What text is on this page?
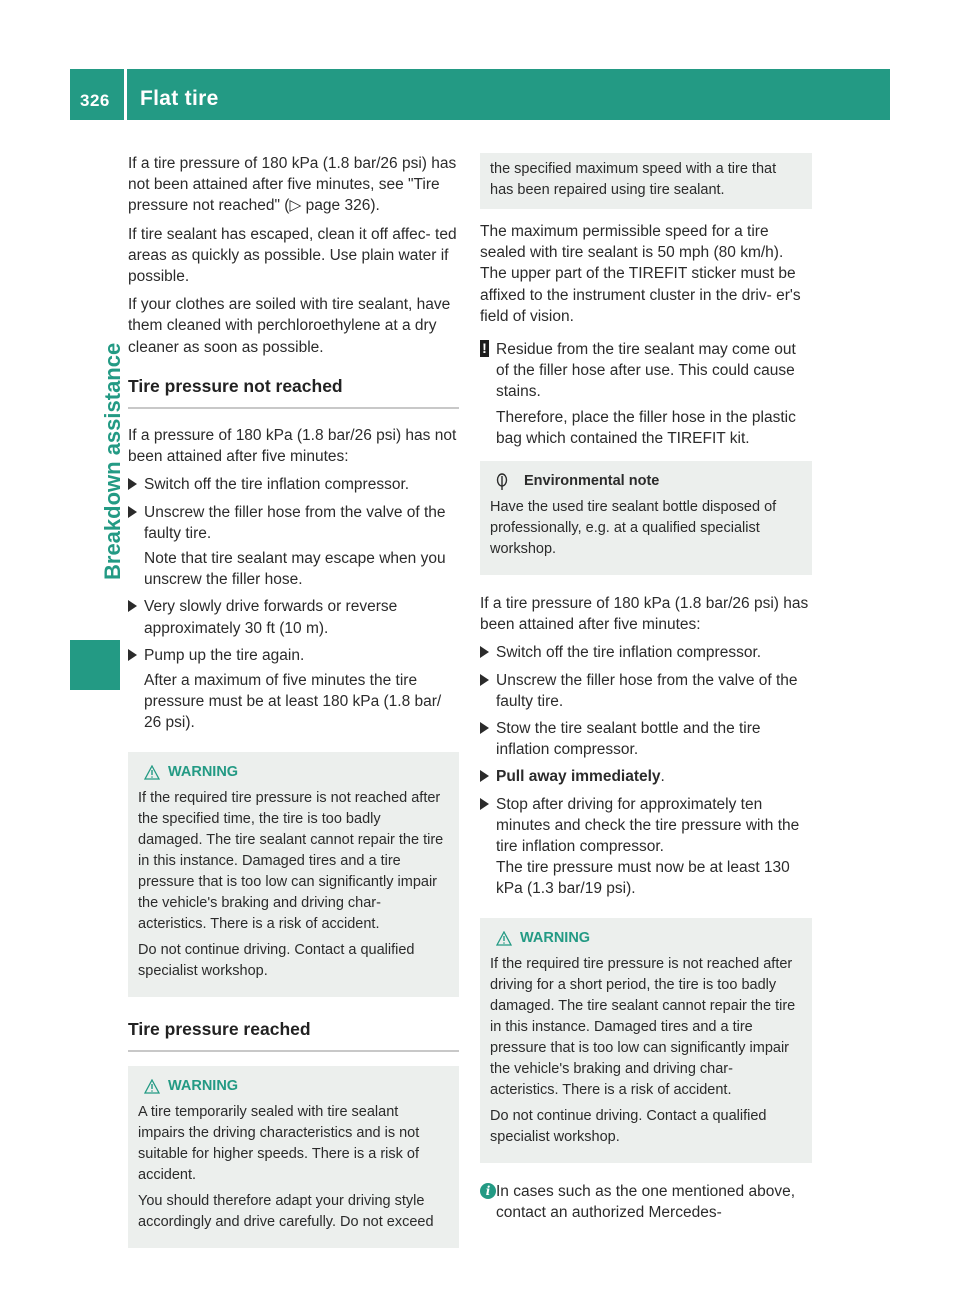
326 Flat tire
Breakdown assistance

If a tire pressure of 180 kPa (1.8 bar/26 psi) has not been attained after five minutes, see "Tire pressure not reached" (▷ page 326).

If tire sealant has escaped, clean it off affec- ted areas as quickly as possible. Use plain water if possible.

If your clothes are soiled with tire sealant, have them cleaned with perchloroethylene at a dry cleaner as soon as possible.

Tire pressure not reached

If a pressure of 180 kPa (1.8 bar/26 psi) has not been attained after five minutes:

Switch off the tire inflation compressor.
Unscrew the filler hose from the valve of the faulty tire.
Note that tire sealant may escape when you unscrew the filler hose.
Very slowly drive forwards or reverse approximately 30 ft (10 m).
Pump up the tire again.
After a maximum of five minutes the tire pressure must be at least 180 kPa (1.8 bar/ 26 psi).
WARNING

If the required tire pressure is not reached after the specified time, the tire is too badly damaged. The tire sealant cannot repair the tire in this instance. Damaged tires and a tire pressure that is too low can significantly impair the vehicle's braking and driving char- acteristics. There is a risk of accident.

Do not continue driving. Contact a qualified specialist workshop.

Tire pressure reached
WARNING

A tire temporarily sealed with tire sealant impairs the driving characteristics and is not suitable for higher speeds. There is a risk of accident.

You should therefore adapt your driving style accordingly and drive carefully. Do not exceed

the specified maximum speed with a tire that has been repaired using tire sealant.

The maximum permissible speed for a tire sealed with tire sealant is 50 mph (80 km/h). The upper part of the TIREFIT sticker must be affixed to the instrument cluster in the driv- er's field of vision.

! Residue from the tire sealant may come out of the filler hose after use. This could cause stains.
Therefore, place the filler hose in the plastic bag which contained the TIREFIT kit.
Environmental note

Have the used tire sealant bottle disposed of professionally, e.g. at a qualified specialist workshop.

If a tire pressure of 180 kPa (1.8 bar/26 psi) has been attained after five minutes:

Switch off the tire inflation compressor.
Unscrew the filler hose from the valve of the faulty tire.
Stow the tire sealant bottle and the tire inflation compressor.
Pull away immediately.
Stop after driving for approximately ten minutes and check the tire pressure with the tire inflation compressor.
The tire pressure must now be at least 130 kPa (1.3 bar/19 psi).
WARNING

If the required tire pressure is not reached after driving for a short period, the tire is too badly damaged. The tire sealant cannot repair the tire in this instance. Damaged tires and a tire pressure that is too low can significantly impair the vehicle's braking and driving char- acteristics. There is a risk of accident.

Do not continue driving. Contact a qualified specialist workshop.

i In cases such as the one mentioned above, contact an authorized Mercedes-
